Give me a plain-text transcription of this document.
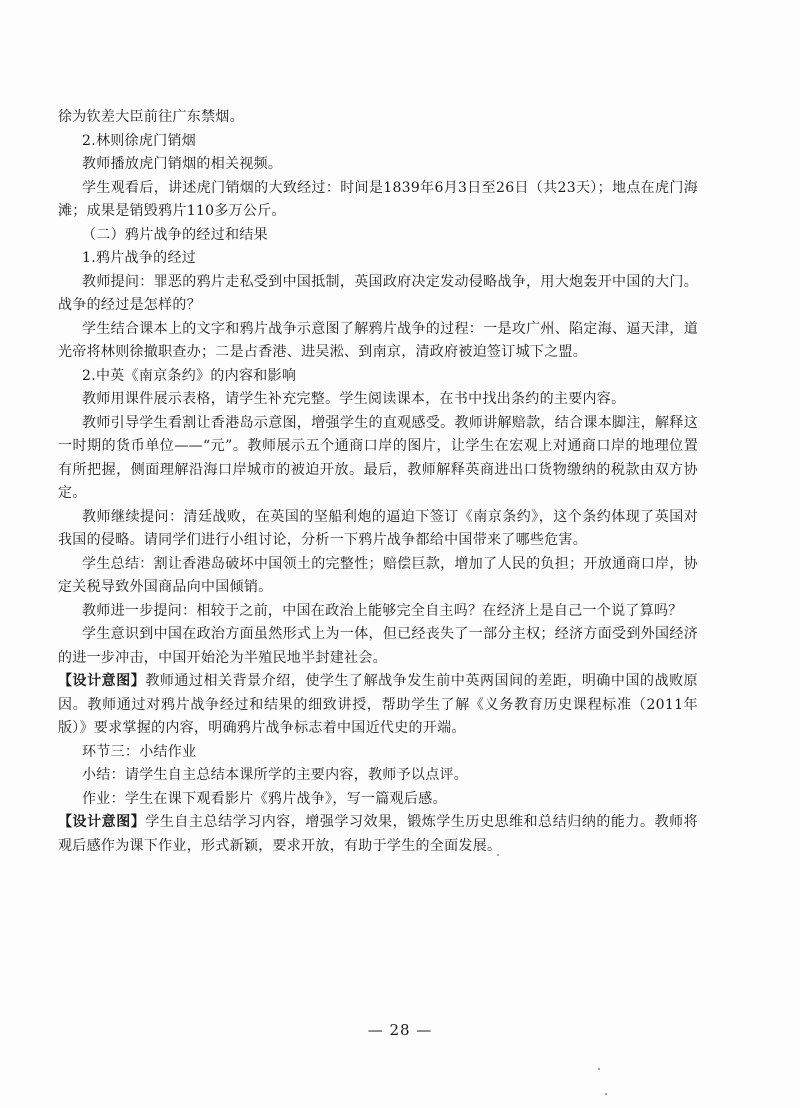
徐为钦差大臣前往广东禁烟。

2.林则徐虎门销烟

教师播放虎门销烟的相关视频。

学生观看后，讲述虎门销烟的大致经过：时间是1839年6月3日至26日（共23天）；地点在虎门海滩；成果是销毁鸦片110多万公斤。

（二）鸦片战争的经过和结果

1.鸦片战争的经过

教师提问：罪恶的鸦片走私受到中国抵制，英国政府决定发动侵略战争，用大炮轰开中国的大门。战争的经过是怎样的？

学生结合课本上的文字和鸦片战争示意图了解鸦片战争的过程：一是攻广州、陷定海、逼天津，道光帝将林则徐撤职查办；二是占香港、进吴淞、到南京，清政府被迫签订城下之盟。

2.中英《南京条约》的内容和影响

教师用课件展示表格，请学生补充完整。学生阅读课本，在书中找出条约的主要内容。

教师引导学生看割让香港岛示意图，增强学生的直观感受。教师讲解赔款，结合课本脚注，解释这一时期的货币单位——“元”。教师展示五个通商口岸的图片，让学生在宏观上对通商口岸的地理位置有所把握，侧面理解沿海口岸城市的被迫开放。最后，教师解释英商进出口货物缴纳的税款由双方协定。

教师继续提问：清廷战败，在英国的坚船利炮的逼迫下签订《南京条约》，这个条约体现了英国对我国的侵略。请同学们进行小组讨论，分析一下鸦片战争都给中国带来了哪些危害。

学生总结：割让香港岛破坏中国领土的完整性；赔偿巨款，增加了人民的负担；开放通商口岸，协定关税导致外国商品向中国倾销。

教师进一步提问：相较于之前，中国在政治上能够完全自主吗？在经济上是自己一个说了算吗？

学生意识到中国在政治方面虽然形式上为一体，但已经丧失了一部分主权；经济方面受到外国经济的进一步冲击，中国开始沦为半殖民地半封建社会。

【设计意图】教师通过相关背景介绍，使学生了解战争发生前中英两国间的差距，明确中国的战败原因。教师通过对鸦片战争经过和结果的细致讲授，帮助学生了解《义务教育历史课程标准（2011年版）》要求掌握的内容，明确鸦片战争标志着中国近代史的开端。

环节三：小结作业

小结：请学生自主总结本课所学的主要内容，教师予以点评。

作业：学生在课下观看影片《鸦片战争》，写一篇观后感。

【设计意图】学生自主总结学习内容，增强学习效果，锻炼学生历史思维和总结归纳的能力。教师将观后感作为课下作业，形式新颖，要求开放，有助于学生的全面发展。

— 28 —
